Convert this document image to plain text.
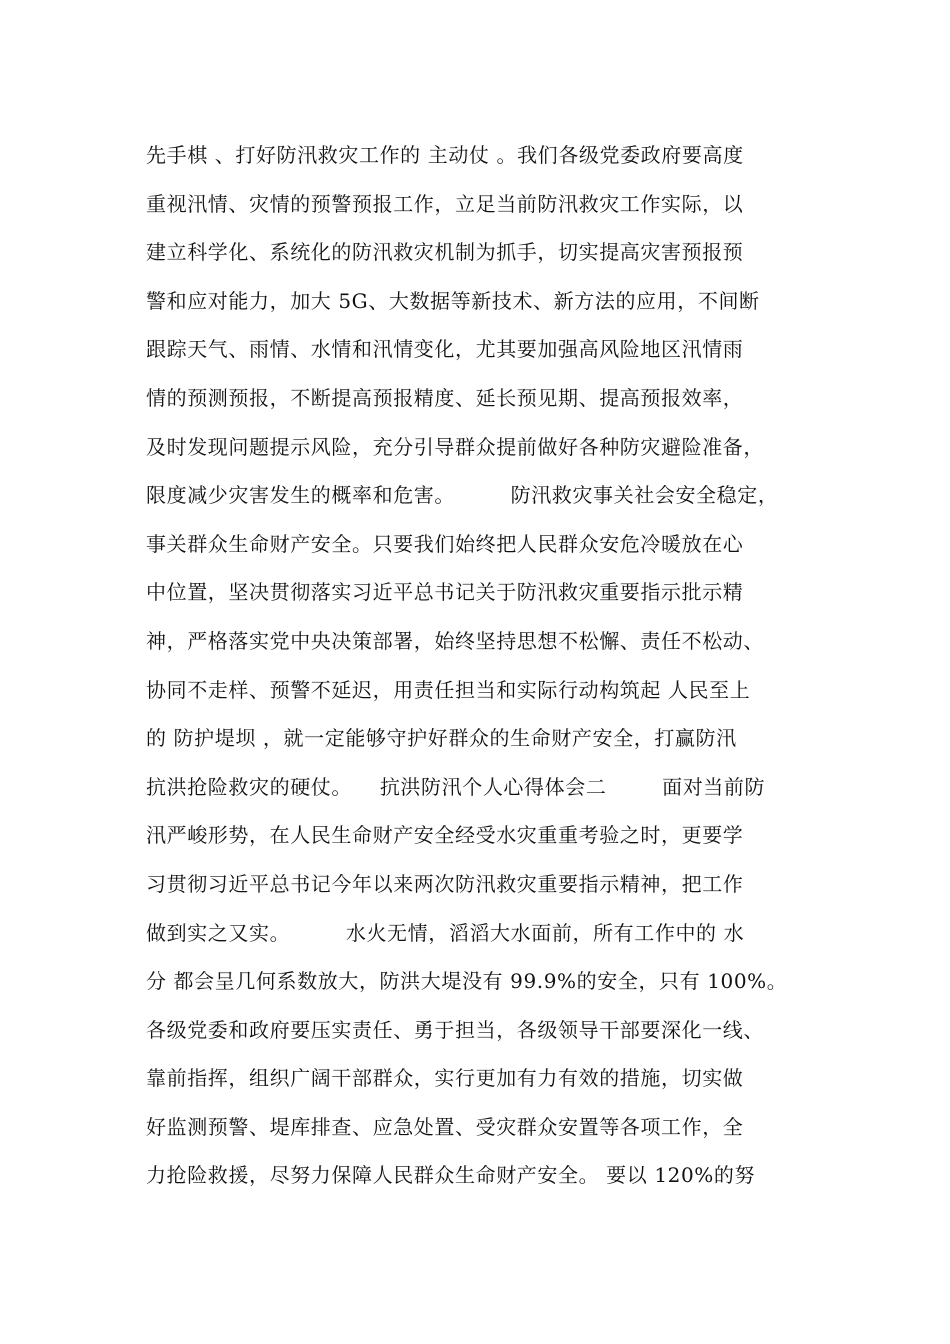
先手棋 、打好防汛救灾工作的 主动仗 。我们各级党委政府要高度
重视汛情、灾情的预警预报工作，立足当前防汛救灾工作实际，以
建立科学化、系统化的防汛救灾机制为抓手，切实提高灾害预报预
警和应对能力，加大 5G、大数据等新技术、新方法的应用，不间断
跟踪天气、雨情、水情和汛情变化，尤其要加强高风险地区汛情雨
情的预测预报，不断提高预报精度、延长预见期、提高预报效率，
及时发现问题提示风险，充分引导群众提前做好各种防灾避险准备，
限度减少灾害发生的概率和危害。        防汛救灾事关社会安全稳定，
事关群众生命财产安全。只要我们始终把人民群众安危冷暖放在心
中位置，坚决贯彻落实习近平总书记关于防汛救灾重要指示批示精
神，严格落实党中央决策部署，始终坚持思想不松懈、责任不松动、
协同不走样、预警不延迟，用责任担当和实际行动构筑起 人民至上
的 防护堤坝 ，就一定能够守护好群众的生命财产安全，打赢防汛
抗洪抢险救灾的硬仗。    抗洪防汛个人心得体会二        面对当前防
汛严峻形势，在人民生命财产安全经受水灾重重考验之时，更要学
习贯彻习近平总书记今年以来两次防汛救灾重要指示精神，把工作
做到实之又实。        水火无情，滔滔大水面前，所有工作中的 水
分 都会呈几何系数放大，防洪大堤没有 99.9%的安全，只有 100%。
各级党委和政府要压实责任、勇于担当，各级领导干部要深化一线、
靠前指挥，组织广阔干部群众，实行更加有力有效的措施，切实做
好监测预警、堤库排查、应急处置、受灾群众安置等各项工作，全
力抢险救援，尽努力保障人民群众生命财产安全。 要以 120%的努
